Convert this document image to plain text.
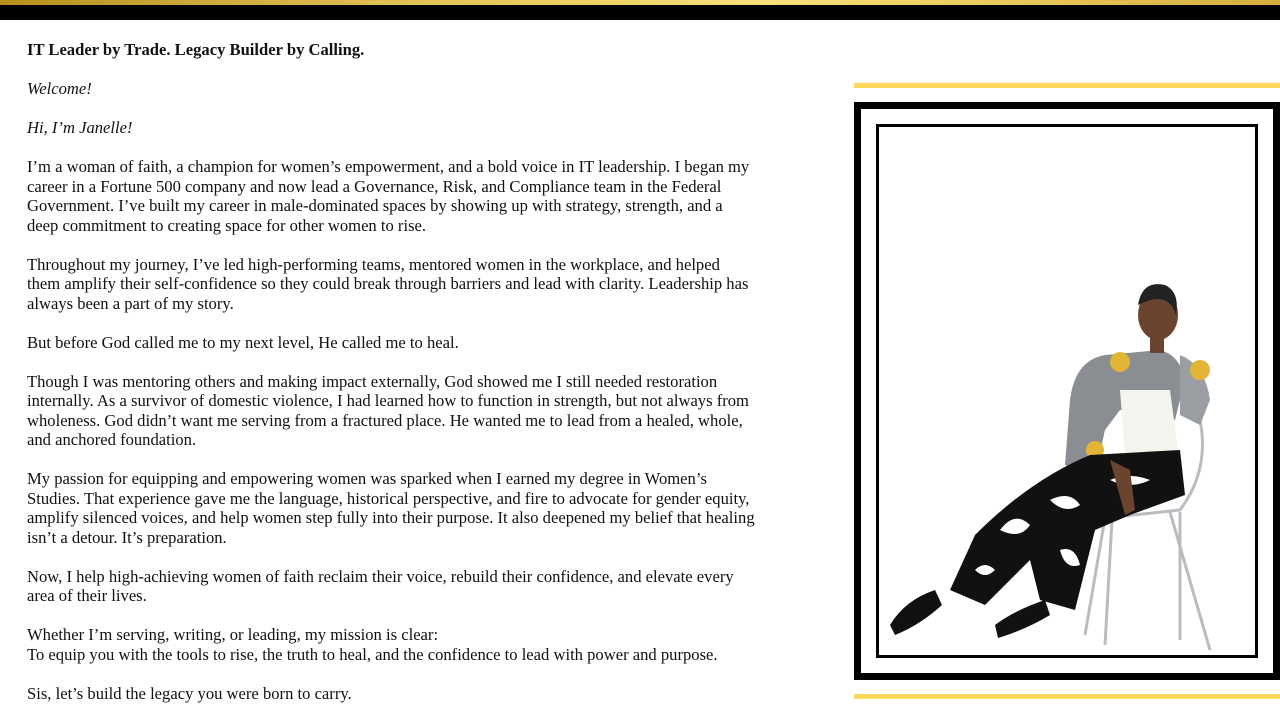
IT Leader by Trade. Legacy Builder by Calling.

Welcome!

Hi, I’m Janelle!

I’m a woman of faith, a champion for women’s empowerment, and a bold voice in IT leadership. I began my
career in a Fortune 500 company and now lead a Governance, Risk, and Compliance team in the Federal
Government. I’ve built my career in male-dominated spaces by showing up with strategy, strength, and a
deep commitment to creating space for other women to rise.

Throughout my journey, I’ve led high-performing teams, mentored women in the workplace, and helped
them amplify their self-confidence so they could break through barriers and lead with clarity. Leadership has
always been a part of my story.

But before God called me to my next level, He called me to heal.

Though I was mentoring others and making impact externally, God showed me I still needed restoration
internally. As a survivor of domestic violence, I had learned how to function in strength, but not always from
wholeness. God didn’t want me serving from a fractured place. He wanted me to lead from a healed, whole,
and anchored foundation.

My passion for equipping and empowering women was sparked when I earned my degree in Women’s
Studies. That experience gave me the language, historical perspective, and fire to advocate for gender equity,
amplify silenced voices, and help women step fully into their purpose. It also deepened my belief that healing
isn’t a detour. It’s preparation.

Now, I help high-achieving women of faith reclaim their voice, rebuild their confidence, and elevate every
area of their lives.

Whether I’m serving, writing, or leading, my mission is clear:
To equip you with the tools to rise, the truth to heal, and the confidence to lead with power and purpose.

Sis, let’s build the legacy you were born to carry.
